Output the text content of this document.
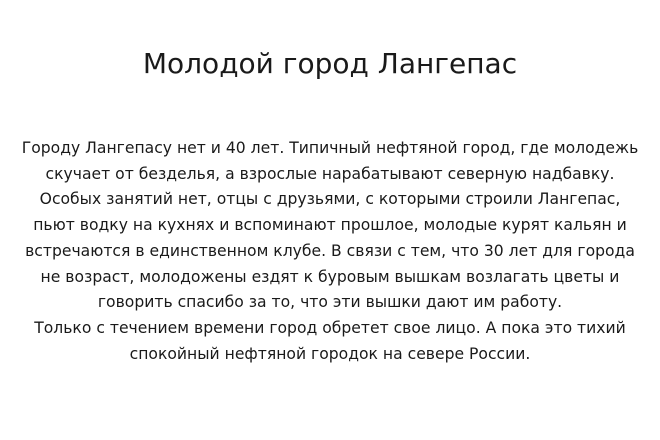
Молодой город Лангепас

Городу Лангепасу нет и 40 лет. Типичный нефтяной город, где молодежь скучает от безделья, а взрослые нарабатывают северную надбавку. Особых занятий нет, отцы с друзьями, с которыми строили Лангепас, пьют водку на кухнях и вспоминают прошлое, молодые курят кальян и встречаются в единственном клубе. В связи с тем, что 30 лет для города не возраст, молодожены ездят к буровым вышкам возлагать цветы и говорить спасибо за то, что эти вышки дают им работу.

Только с течением времени город обретет свое лицо. А пока это тихий спокойный нефтяной городок на севере России.
